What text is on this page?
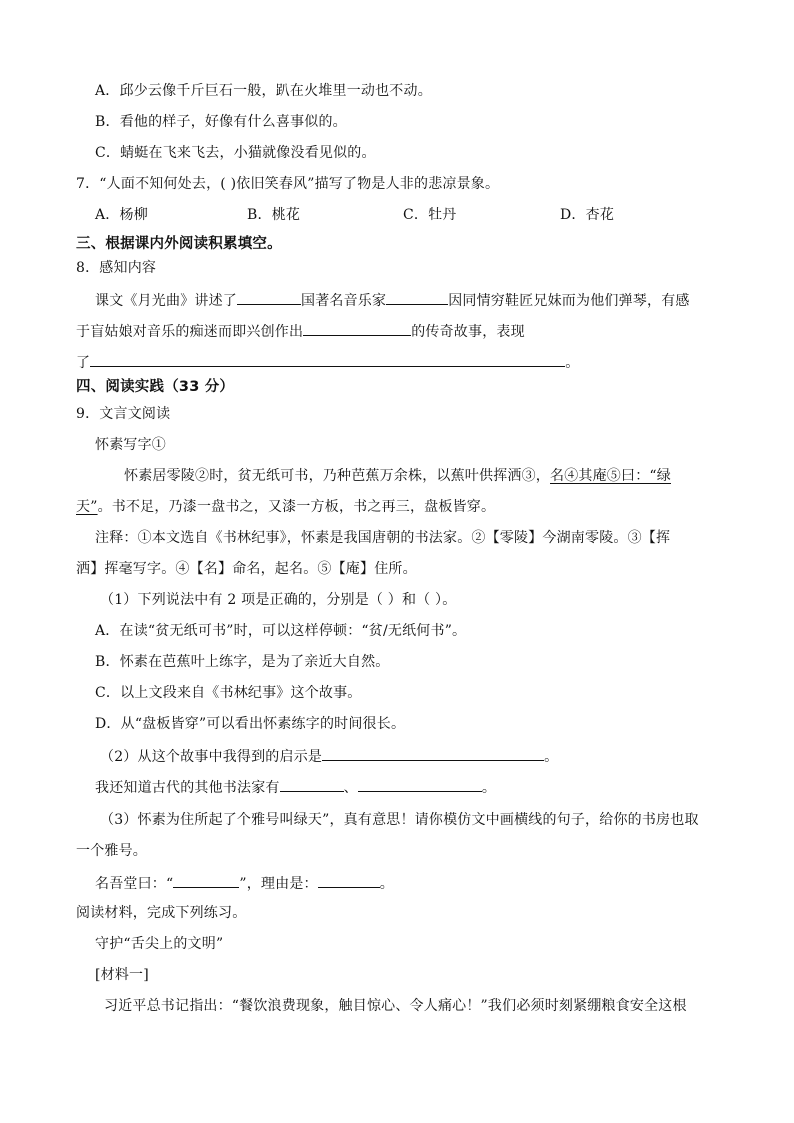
A．邱少云像千斤巨石一般，趴在火堆里一动也不动。
B．看他的样子，好像有什么喜事似的。
C．蜻蜓在飞来飞去，小猫就像没看见似的。
7．“人面不知何处去，( )依旧笑春风”描写了物是人非的悲凉景象。
A．杨柳	B．桃花	C．牡丹	D．杏花
三、根据课内外阅读积累填空。
8．感知内容
课文《月光曲》讲述了	国著名音乐家	因同情穷鞋匠兄妹而为他们弹琴，有感
于盲姑娘对音乐的痴迷而即兴创作出	的传奇故事，表现
了	。
四、阅读实践（33 分）
9．文言文阅读
怀素写字①
怀素居零陵②时，贫无纸可书，乃种芭蕉万余株，以蕉叶供挥洒③，名④其庵⑤曰：“绿
天”。书不足，乃漆一盘书之，又漆一方板，书之再三，盘板皆穿。
注释：①本文选自《书林纪事》，怀素是我国唐朝的书法家。②【零陵】今湖南零陵。③【挥
洒】挥毫写字。④【名】命名，起名。⑤【庵】住所。
（1）下列说法中有 2 项是正确的，分别是（ ）和（ ）。
A．在读“贫无纸可书”时，可以这样停顿：“贫/无纸何书”。
B．怀素在芭蕉叶上练字，是为了亲近大自然。
C．以上文段来自《书林纪事》这个故事。
D．从“盘板皆穿”可以看出怀素练字的时间很长。
（2）从这个故事中我得到的启示是	。
我还知道古代的其他书法家有	、	。
（3）怀素为住所起了个雅号叫绿天”，真有意思！请你模仿文中画横线的句子，给你的书房也取
一个雅号。
名吾堂曰：“	”，理由是：	。
阅读材料，完成下列练习。
守护“舌尖上的文明”
[材料一]
习近平总书记指出：“餐饮浪费现象，触目惊心、令人痛心！”我们必须时刻紧绷粮食安全这根
